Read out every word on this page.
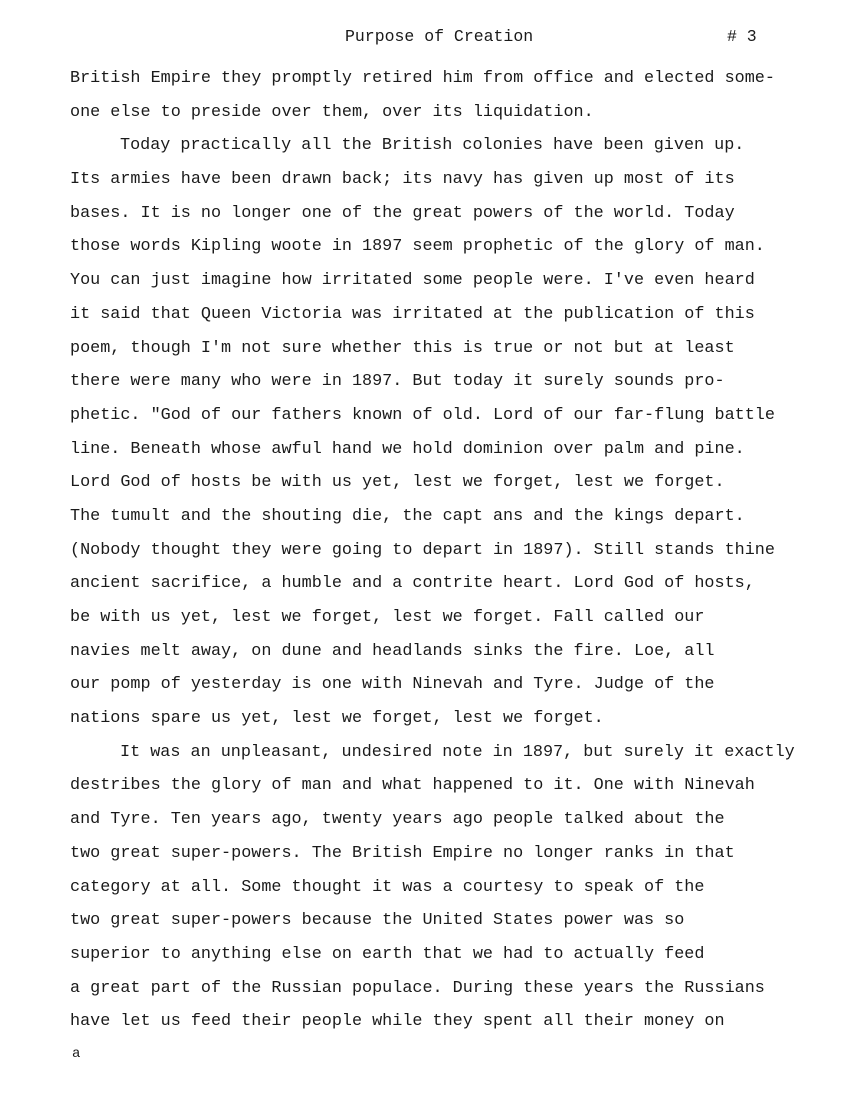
Purpose of Creation	# 3
British Empire they promptly retired him from office and elected some-
one else to preside over them, over its liquidation.
Today practically all the British colonies have been given up.
Its armies have been drawn back; its navy has given up most of its
bases. It is no longer one of the great powers of the world. Today
those words Kipling woote in 1897 seem prophetic of the glory of man.
You can just imagine how irritated some people were. I've even heard
it said that Queen Victoria was irritated at the publication of this
poem, though I'm not sure whether this is true or not but at least
there were many who were in 1897. But today it surely sounds pro-
phetic. "God of our fathers known of old. Lord of our far-flung battle
line. Beneath whose awful hand we hold dominion over palm and pine.
Lord God of hosts be with us yet, lest we forget, lest we forget.
The tumult and the shouting die, the capt ans and the kings depart.
(Nobody thought they were going to depart in 1897). Still stands thine
ancient sacrifice, a humble and a contrite heart. Lord God of hosts,
be with us yet, lest we forget, lest we forget. Fall called our
navies melt away, on dune and headlands sinks the fire. Loe, all
our pomp of yesterday is one with Ninevah and Tyre. Judge of the
nations spare us yet, lest we forget, lest we forget.
It was an unpleasant, undesired note in 1897, but surely it exactly
destribes the glory of man and what happened to it. One with Ninevah
and Tyre. Ten years ago, twenty years ago people talked about the
two great super-powers. The British Empire no longer ranks in that
category at all. Some thought it was a courtesy to speak of the
two great super-powers because the United States power was so
superior to anything else on earth that we had to actually feed
a great part of the Russian populace. During these years the Russians
have let us feed their people while they spent all their money on
a
